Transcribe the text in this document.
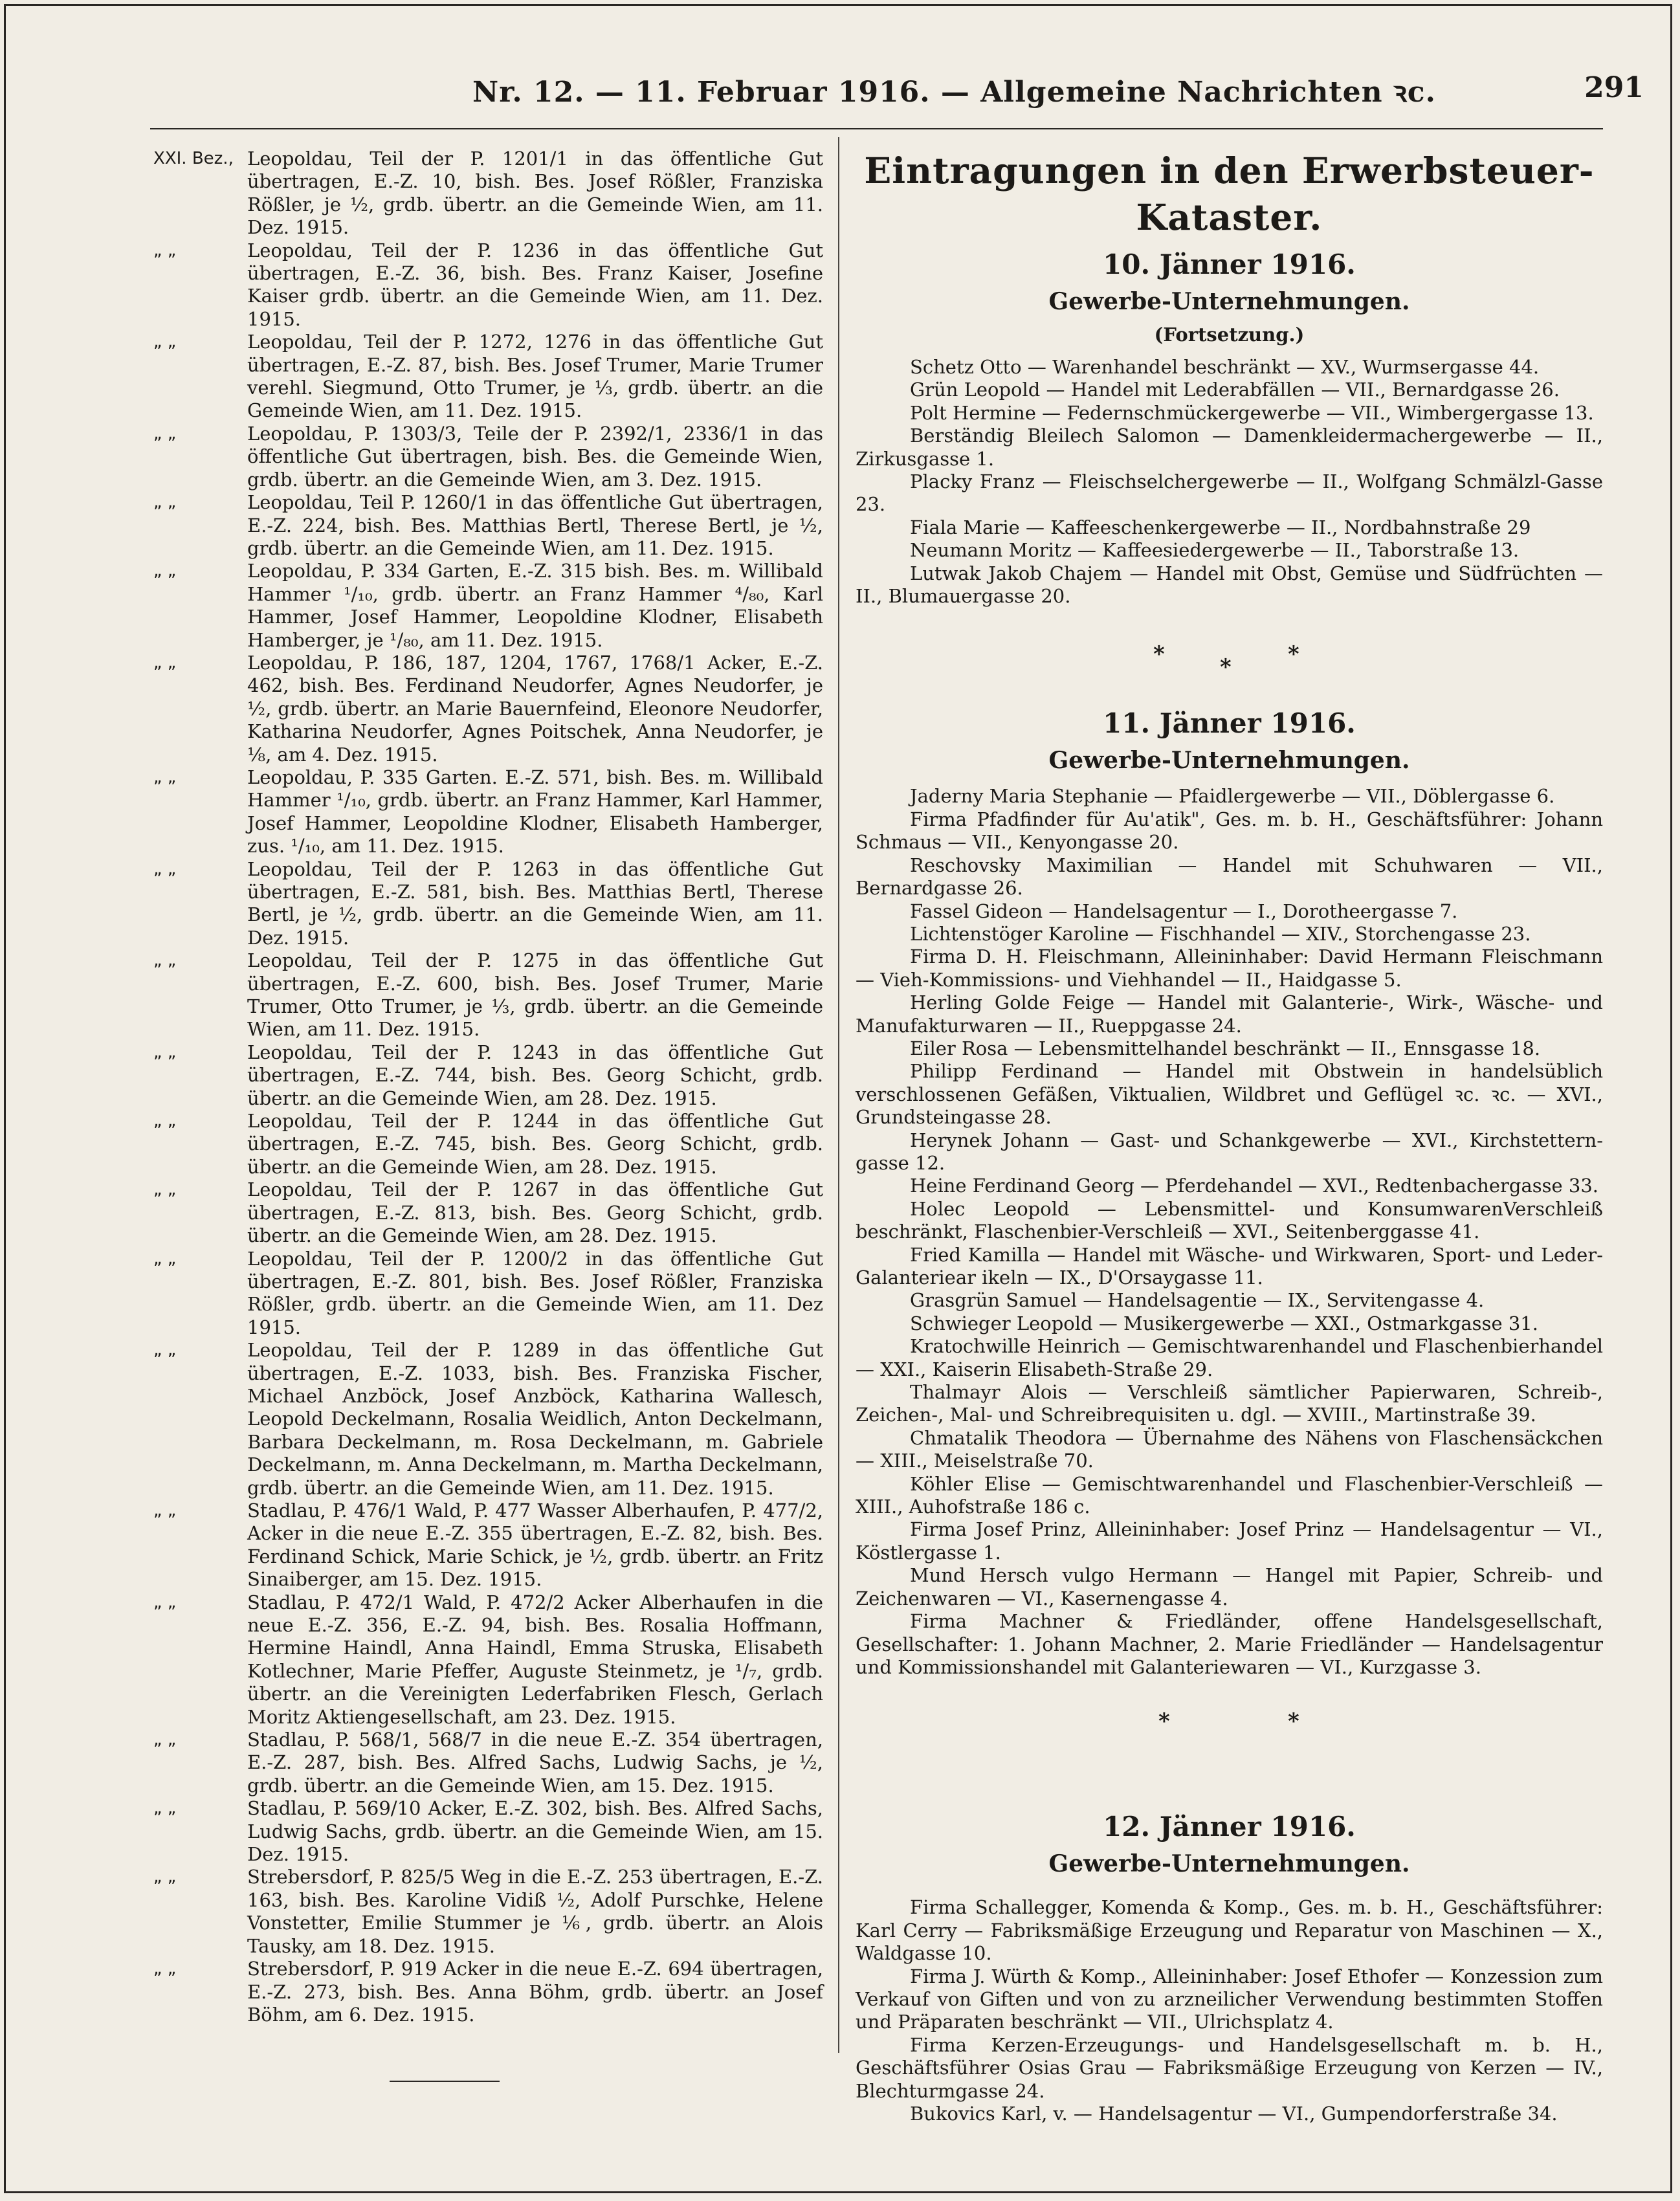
Nr. 12. — 11. Februar 1916. — Allgemeine Nachrichten ꝛc.	291
XXI. Bez., Leopoldau, Teil der P. 1201/1 in das öffentliche Gut übertragen, E.-Z. 10, bish. Bes. Josef Rößler, Franziska Rößler, je ½, grdb. übertr. an die Gemeinde Wien, am 11. Dez. 1915.
„ „	Leopoldau, Teil der P. 1236 in das öffentliche Gut übertragen, E.-Z. 36, bish. Bes. Franz Kaiser, Josefine Kaiser grdb. übertr. an die Gemeinde Wien, am 11. Dez. 1915.
„ „	Leopoldau, Teil der P. 1272, 1276 in das öffentliche Gut übertragen, E.-Z. 87, bish. Bes. Josef Trumer, Marie Trumer verehl. Siegmund, Otto Trumer, je ⅓, grdb. übertr. an die Gemeinde Wien, am 11. Dez. 1915.
„ „	Leopoldau, P. 1303/3, Teile der P. 2392/1, 2336/1 in das öffentliche Gut übertragen, bish. Bes. die Gemeinde Wien, grdb. übertr. an die Gemeinde Wien, am 3. Dez. 1915.
„ „	Leopoldau, Teil P. 1260/1 in das öffentliche Gut übertragen, E.-Z. 224, bish. Bes. Matthias Bertl, Therese Bertl, je ½, grdb. übertr. an die Gemeinde Wien, am 11. Dez. 1915.
„ „	Leopoldau, P. 334 Garten, E.-Z. 315 bish. Bes. m. Willibald Hammer ¹/₁₀, grdb. übertr. an Franz Hammer ⁴/₈₀, Karl Hammer, Josef Hammer, Leopoldine Klodner, Elisabeth Hamberger, je ¹/₈₀, am 11. Dez. 1915.
„ „	Leopoldau, P. 186, 187, 1204, 1767, 1768/1 Acker, E.-Z. 462, bish. Bes. Ferdinand Neudorfer, Agnes Neudorfer, je ½, grdb. übertr. an Marie Bauernfeind, Eleonore Neudorfer, Katharina Neudorfer, Agnes Poitschek, Anna Neudorfer, je ⅛, am 4. Dez. 1915.
„ „	Leopoldau, P. 335 Garten. E.-Z. 571, bish. Bes. m. Willibald Hammer ¹/₁₀, grdb. übertr. an Franz Hammer, Karl Hammer, Josef Hammer, Leopoldine Klodner, Elisabeth Hamberger, zus. ¹/₁₀, am 11. Dez. 1915.
„ „	Leopoldau, Teil der P. 1263 in das öffentliche Gut übertragen, E.-Z. 581, bish. Bes. Matthias Bertl, Therese Bertl, je ½, grdb. übertr. an die Gemeinde Wien, am 11. Dez. 1915.
„ „	Leopoldau, Teil der P. 1275 in das öffentliche Gut übertragen, E.-Z. 600, bish. Bes. Josef Trumer, Marie Trumer, Otto Trumer, je ⅓, grdb. übertr. an die Gemeinde Wien, am 11. Dez. 1915.
„ „	Leopoldau, Teil der P. 1243 in das öffentliche Gut übertragen, E.-Z. 744, bish. Bes. Georg Schicht, grdb. übertr. an die Gemeinde Wien, am 28. Dez. 1915.
„ „	Leopoldau, Teil der P. 1244 in das öffentliche Gut übertragen, E.-Z. 745, bish. Bes. Georg Schicht, grdb. übertr. an die Gemeinde Wien, am 28. Dez. 1915.
„ „	Leopoldau, Teil der P. 1267 in das öffentliche Gut übertragen, E.-Z. 813, bish. Bes. Georg Schicht, grdb. übertr. an die Gemeinde Wien, am 28. Dez. 1915.
„ „	Leopoldau, Teil der P. 1200/2 in das öffentliche Gut übertragen, E.-Z. 801, bish. Bes. Josef Rößler, Franziska Rößler, grdb. übertr. an die Gemeinde Wien, am 11. Dez 1915.
„ „	Leopoldau, Teil der P. 1289 in das öffentliche Gut übertragen, E.-Z. 1033, bish. Bes. Franziska Fischer, Michael Anzböck, Josef Anzböck, Katharina Wallesch, Leopold Deckelmann, Rosalia Weidlich, Anton Deckelmann, Barbara Deckelmann, m. Rosa Deckelmann, m. Gabriele Deckelmann, m. Anna Deckelmann, m. Martha Deckelmann, grdb. übertr. an die Gemeinde Wien, am 11. Dez. 1915.
„ „	Stadlau, P. 476/1 Wald, P. 477 Wasser Alberhaufen, P. 477/2, Acker in die neue E.-Z. 355 übertragen, E.-Z. 82, bish. Bes. Ferdinand Schick, Marie Schick, je ½, grdb. übertr. an Fritz Sinaiberger, am 15. Dez. 1915.
„ „	Stadlau, P. 472/1 Wald, P. 472/2 Acker Alberhaufen in die neue E.-Z. 356, E.-Z. 94, bish. Bes. Rosalia Hoffmann, Hermine Haindl, Anna Haindl, Emma Struska, Elisabeth Kotlechner, Marie Pfeffer, Auguste Steinmetz, je ¹/₇, grdb. übertr. an die Vereinigten Lederfabriken Flesch, Gerlach Moritz Aktiengesellschaft, am 23. Dez. 1915.
„ „	Stadlau, P. 568/1, 568/7 in die neue E.-Z. 354 übertragen, E.-Z. 287, bish. Bes. Alfred Sachs, Ludwig Sachs, je ½, grdb. übertr. an die Gemeinde Wien, am 15. Dez. 1915.
„ „	Stadlau, P. 569/10 Acker, E.-Z. 302, bish. Bes. Alfred Sachs, Ludwig Sachs, grdb. übertr. an die Gemeinde Wien, am 15. Dez. 1915.
„ „	Strebersdorf, P. 825/5 Weg in die E.-Z. 253 übertragen, E.-Z. 163, bish. Bes. Karoline Vidiß ½, Adolf Purschke, Helene Vonstetter, Emilie Stummer je ⅙, grdb. übertr. an Alois Tausky, am 18. Dez. 1915.
„ „	Strebersdorf, P. 919 Acker in die neue E.-Z. 694 übertragen, E.-Z. 273, bish. Bes. Anna Böhm, grdb. übertr. an Josef Böhm, am 6. Dez. 1915.
Eintragungen in den Erwerbsteuer-Kataster.
10. Jänner 1916.
Gewerbe-Unternehmungen.
(Fortsetzung.)
Schetz Otto — Warenhandel beschränkt — XV., Wurmsergasse 44.
Grün Leopold — Handel mit Lederabfällen — VII., Bernardgasse 26.
Polt Hermine — Federnschmückergewerbe — VII., Wimbergergasse 13.
Berständig Bleilech Salomon — Damenkleidermachergewerbe — II., Zirkusgasse 1.
Placky Franz — Fleischselchergewerbe — II., Wolfgang Schmälzl-Gasse 23.
Fiala Marie — Kaffeeschenkergewerbe — II., Nordbahnstraße 29
Neumann Moritz — Kaffeesiedergewerbe — II., Taborstraße 13.
Lutwak Jakob Chajem — Handel mit Obst, Gemüse und Südfrüchten — II., Blumauergasse 20.
*	*
*
11. Jänner 1916.
Gewerbe-Unternehmungen.
Jaderny Maria Stephanie — Pfaidlergewerbe — VII., Döblergasse 6.
Firma Pfadfinder für Au'atik", Ges. m. b. H., Geschäftsführer: Johann Schmaus — VII., Kenyongasse 20.
Reschovsky Maximilian — Handel mit Schuhwaren — VII., Bernardgasse 26.
Fassel Gideon — Handelsagentur — I., Dorotheergasse 7.
Lichtenstöger Karoline — Fischhandel — XIV., Storchengasse 23.
Firma D. H. Fleischmann, Alleininhaber: David Hermann Fleischmann — Vieh-Kommissions- und Viehhandel — II., Haidgasse 5.
Herling Golde Feige — Handel mit Galanterie-, Wirk-, Wäsche- und Manufakturwaren — II., Rueppgasse 24.
Eiler Rosa — Lebensmittelhandel beschränkt — II., Ennsgasse 18.
Philipp Ferdinand — Handel mit Obstwein in handelsüblich verschlossenen Gefäßen, Viktualien, Wildbret und Geflügel ꝛc. ꝛc. — XVI., Grundsteingasse 28.
Herynek Johann — Gast- und Schankgewerbe — XVI., Kirchstettern-gasse 12.
Heine Ferdinand Georg — Pferdehandel — XVI., Redtenbachergasse 33.
Holec Leopold — Lebensmittel- und KonsumwarenVerschleiß beschränkt, Flaschenbier-Verschleiß — XVI., Seitenberggasse 41.
Fried Kamilla — Handel mit Wäsche- und Wirkwaren, Sport- und Leder-Galanteriear ikeln — IX., D'Orsaygasse 11.
Grasgrün Samuel — Handelsagentie — IX., Servitengasse 4.
Schwieger Leopold — Musikergewerbe — XXI., Ostmarkgasse 31.
Kratochwille Heinrich — Gemischtwarenhandel und Flaschenbierhandel — XXI., Kaiserin Elisabeth-Straße 29.
Thalmayr Alois — Verschleiß sämtlicher Papierwaren, Schreib-, Zeichen-, Mal- und Schreibrequisiten u. dgl. — XVIII., Martinstraße 39.
Chmatalik Theodora — Übernahme des Nähens von Flaschensäckchen — XIII., Meiselstraße 70.
Köhler Elise — Gemischtwarenhandel und Flaschenbier-Verschleiß — XIII., Auhofstraße 186 c.
Firma Josef Prinz, Alleininhaber: Josef Prinz — Handelsagentur — VI., Köstlergasse 1.
Mund Hersch vulgo Hermann — Hangel mit Papier, Schreib- und Zeichenwaren — VI., Kasernengasse 4.
Firma Machner & Friedländer, offene Handelsgesellschaft, Gesellschafter: 1. Johann Machner, 2. Marie Friedländer — Handelsagentur und Kommissionshandel mit Galanteriewaren — VI., Kurzgasse 3.
*	*
12. Jänner 1916.
Gewerbe-Unternehmungen.
Firma Schallegger, Komenda & Komp., Ges. m. b. H., Geschäftsführer: Karl Cerry — Fabriksmäßige Erzeugung und Reparatur von Maschinen — X., Waldgasse 10.
Firma J. Würth & Komp., Alleininhaber: Josef Ethofer — Konzession zum Verkauf von Giften und von zu arzneilicher Verwendung bestimmten Stoffen und Präparaten beschränkt — VII., Ulrichsplatz 4.
Firma Kerzen-Erzeugungs- und Handelsgesellschaft m. b. H., Geschäftsführer Osias Grau — Fabriksmäßige Erzeugung von Kerzen — IV., Blechturmgasse 24.
Bukovics Karl, v. — Handelsagentur — VI., Gumpendorferstraße 34.
